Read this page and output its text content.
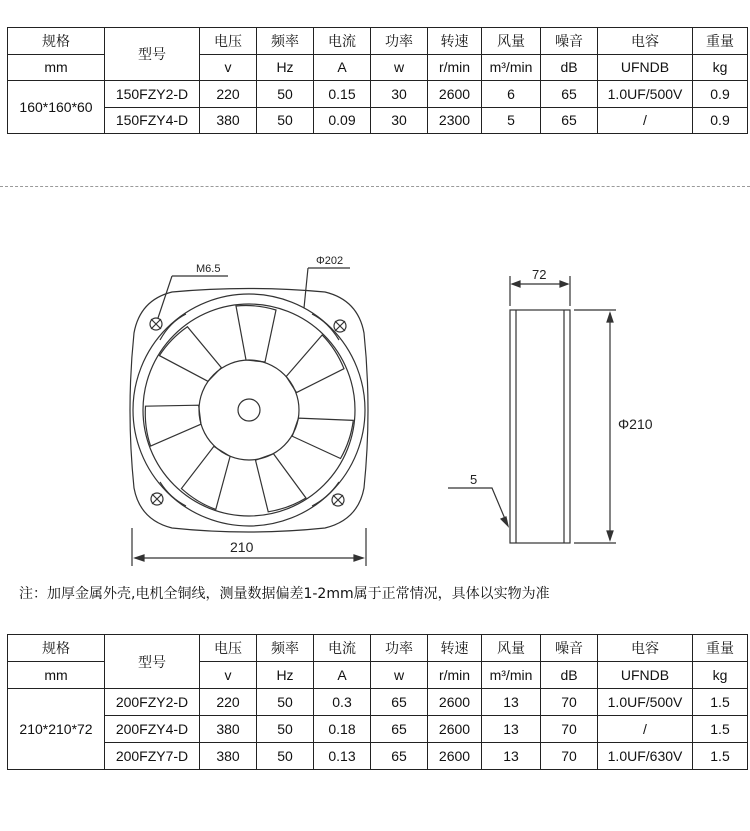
规格	型号	电压	频率	电流	功率	转速	风量	噪音	电容	重量
mm		v	Hz	A	w	r/min	m³/min	dB	UFNDB	kg
160*160*60	150FZY2-D	220	50	0.15	30	2600	6	65	1.0UF/500V	0.9
	150FZY4-D	380	50	0.09	30	2300	5	65	/	0.9
M6.5
Φ202
210
72
Φ210
5
注：加厚金属外壳,电机全铜线，测量数据偏差1-2mm属于正常情况，具体以实物为准
规格	型号	电压	频率	电流	功率	转速	风量	噪音	电容	重量
mm		v	Hz	A	w	r/min	m³/min	dB	UFNDB	kg
210*210*72	200FZY2-D	220	50	0.3	65	2600	13	70	1.0UF/500V	1.5
	200FZY4-D	380	50	0.18	65	2600	13	70	/	1.5
	200FZY7-D	380	50	0.13	65	2600	13	70	1.0UF/630V	1.5
